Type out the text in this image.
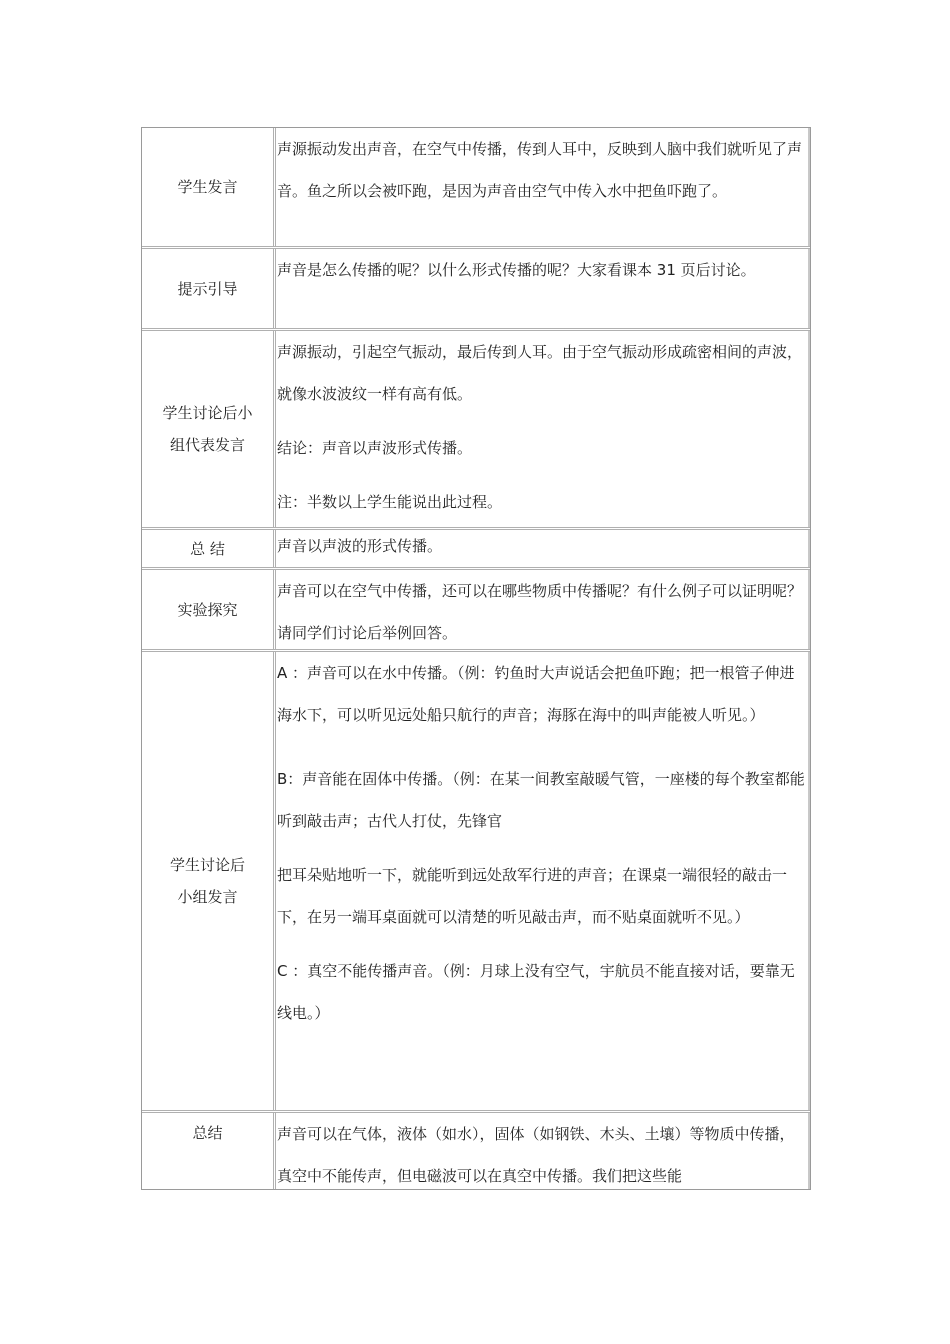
学生发言

声源振动发出声音，在空气中传播，传到人耳中，反映到人脑中我们就听见了声音。鱼之所以会被吓跑，是因为声音由空气中传入水中把鱼吓跑了。

提示引导

声音是怎么传播的呢？以什么形式传播的呢？大家看课本 31 页后讨论。

学生讨论后小
组代表发言

声源振动，引起空气振动，最后传到人耳。由于空气振动形成疏密相间的声波，就像水波波纹一样有高有低。

结论：声音以声波形式传播。

注：半数以上学生能说出此过程。

总 结	声音以声波的形式传播。

实验探究

声音可以在空气中传播，还可以在哪些物质中传播呢？有什么例子可以证明呢？请同学们讨论后举例回答。

学生讨论后
小组发言

A ：声音可以在水中传播。（例：钓鱼时大声说话会把鱼吓跑；把一根管子伸进海水下，可以听见远处船只航行的声音；海豚在海中的叫声能被人听见。）

B：声音能在固体中传播。（例：在某一间教室敲暖气管，一座楼的每个教室都能听到敲击声；古代人打仗，先锋官

把耳朵贴地听一下，就能听到远处敌军行进的声音；在课桌一端很轻的敲击一下，在另一端耳桌面就可以清楚的听见敲击声，而不贴桌面就听不见。）

C ：真空不能传播声音。（例：月球上没有空气，宇航员不能直接对话，要靠无线电。）

总结	声音可以在气体，液体（如水），固体（如钢铁、木头、土壤）等物质中传播，真空中不能传声，但电磁波可以在真空中传播。我们把这些能
